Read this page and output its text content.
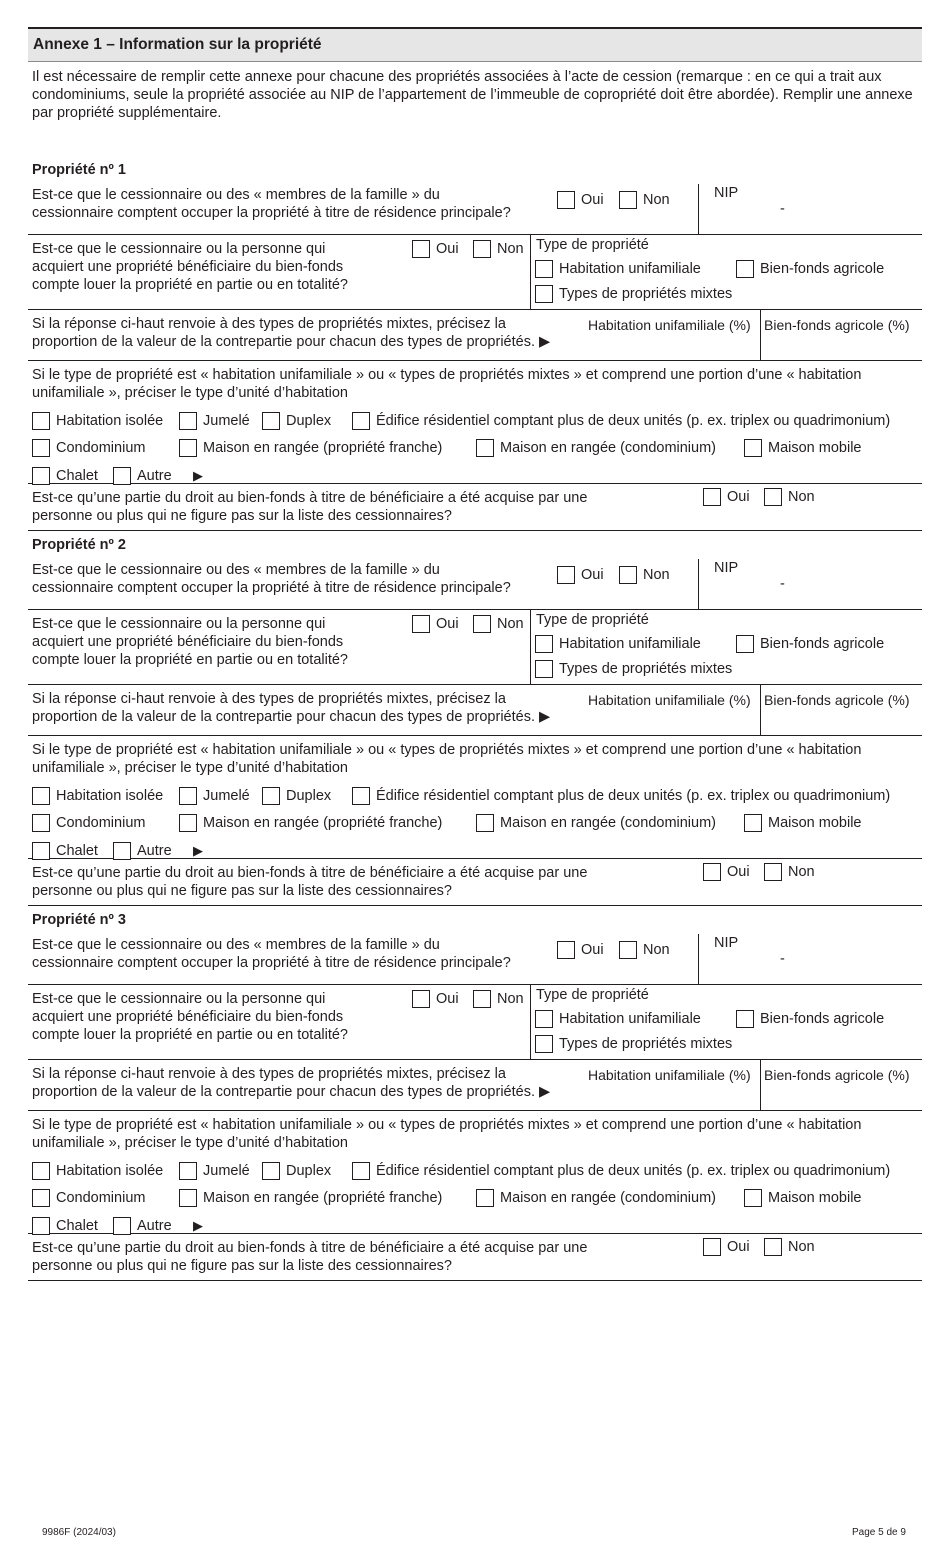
Annexe 1 – Information sur la propriété
Il est nécessaire de remplir cette annexe pour chacune des propriétés associées à l’acte de cession (remarque : en ce qui a trait aux condominiums, seule la propriété associée au NIP de l’appartement de l’immeuble de copropriété doit être abordée). Remplir une annexe par propriété supplémentaire.
Propriété nº 1
Est-ce que le cessionnaire ou des « membres de la famille » du
cessionnaire comptent occuper la propriété à titre de résidence principale?
Oui	Non	NIP
-
Est-ce que le cessionnaire ou la personne qui
acquiert une propriété bénéficiaire du bien-fonds
compte louer la propriété en partie ou en totalité?
Oui	Non Type de propriété
Habitation unifamiliale	Bien-fonds agricole
Types de propriétés mixtes
Si la réponse ci-haut renvoie à des types de propriétés mixtes, précisez la
proportion de la valeur de la contrepartie pour chacun des types de propriétés. ▶
Habitation unifamiliale (%) Bien-fonds agricole (%)
Si le type de propriété est « habitation unifamiliale » ou « types de propriétés mixtes » et comprend une portion d’une « habitation
unifamiliale », préciser le type d’unité d’habitation
Habitation isolée	Jumelé	Duplex	Édifice résidentiel comptant plus de deux unités (p. ex. triplex ou quadrimonium)
Condominium	Maison en rangée (propriété franche)	Maison en rangée (condominium)	Maison mobile
Chalet	Autre ▶
Est-ce qu’une partie du droit au bien-fonds à titre de bénéficiaire a été acquise par une
personne ou plus qui ne figure pas sur la liste des cessionnaires?
Oui	Non
Propriété nº 2
Est-ce que le cessionnaire ou des « membres de la famille » du
cessionnaire comptent occuper la propriété à titre de résidence principale?
Oui	Non	NIP
-
Est-ce que le cessionnaire ou la personne qui
acquiert une propriété bénéficiaire du bien-fonds
compte louer la propriété en partie ou en totalité?
Oui	Non Type de propriété
Habitation unifamiliale	Bien-fonds agricole
Types de propriétés mixtes
Si la réponse ci-haut renvoie à des types de propriétés mixtes, précisez la
proportion de la valeur de la contrepartie pour chacun des types de propriétés. ▶
Habitation unifamiliale (%) Bien-fonds agricole (%)
Si le type de propriété est « habitation unifamiliale » ou « types de propriétés mixtes » et comprend une portion d’une « habitation
unifamiliale », préciser le type d’unité d’habitation
Habitation isolée	Jumelé	Duplex	Édifice résidentiel comptant plus de deux unités (p. ex. triplex ou quadrimonium)
Condominium	Maison en rangée (propriété franche)	Maison en rangée (condominium)	Maison mobile
Chalet	Autre ▶
Est-ce qu’une partie du droit au bien-fonds à titre de bénéficiaire a été acquise par une
personne ou plus qui ne figure pas sur la liste des cessionnaires?
Oui	Non
Propriété nº 3
Est-ce que le cessionnaire ou des « membres de la famille » du
cessionnaire comptent occuper la propriété à titre de résidence principale?
Oui	Non	NIP
-
Est-ce que le cessionnaire ou la personne qui
acquiert une propriété bénéficiaire du bien-fonds
compte louer la propriété en partie ou en totalité?
Oui	Non Type de propriété
Habitation unifamiliale	Bien-fonds agricole
Types de propriétés mixtes
Si la réponse ci-haut renvoie à des types de propriétés mixtes, précisez la
proportion de la valeur de la contrepartie pour chacun des types de propriétés. ▶
Habitation unifamiliale (%) Bien-fonds agricole (%)
Si le type de propriété est « habitation unifamiliale » ou « types de propriétés mixtes » et comprend une portion d’une « habitation
unifamiliale », préciser le type d’unité d’habitation
Habitation isolée	Jumelé	Duplex	Édifice résidentiel comptant plus de deux unités (p. ex. triplex ou quadrimonium)
Condominium	Maison en rangée (propriété franche)	Maison en rangée (condominium)	Maison mobile
Chalet	Autre ▶
Est-ce qu’une partie du droit au bien-fonds à titre de bénéficiaire a été acquise par une
personne ou plus qui ne figure pas sur la liste des cessionnaires?
Oui	Non
9986F (2024/03)	Page 5 de 9
